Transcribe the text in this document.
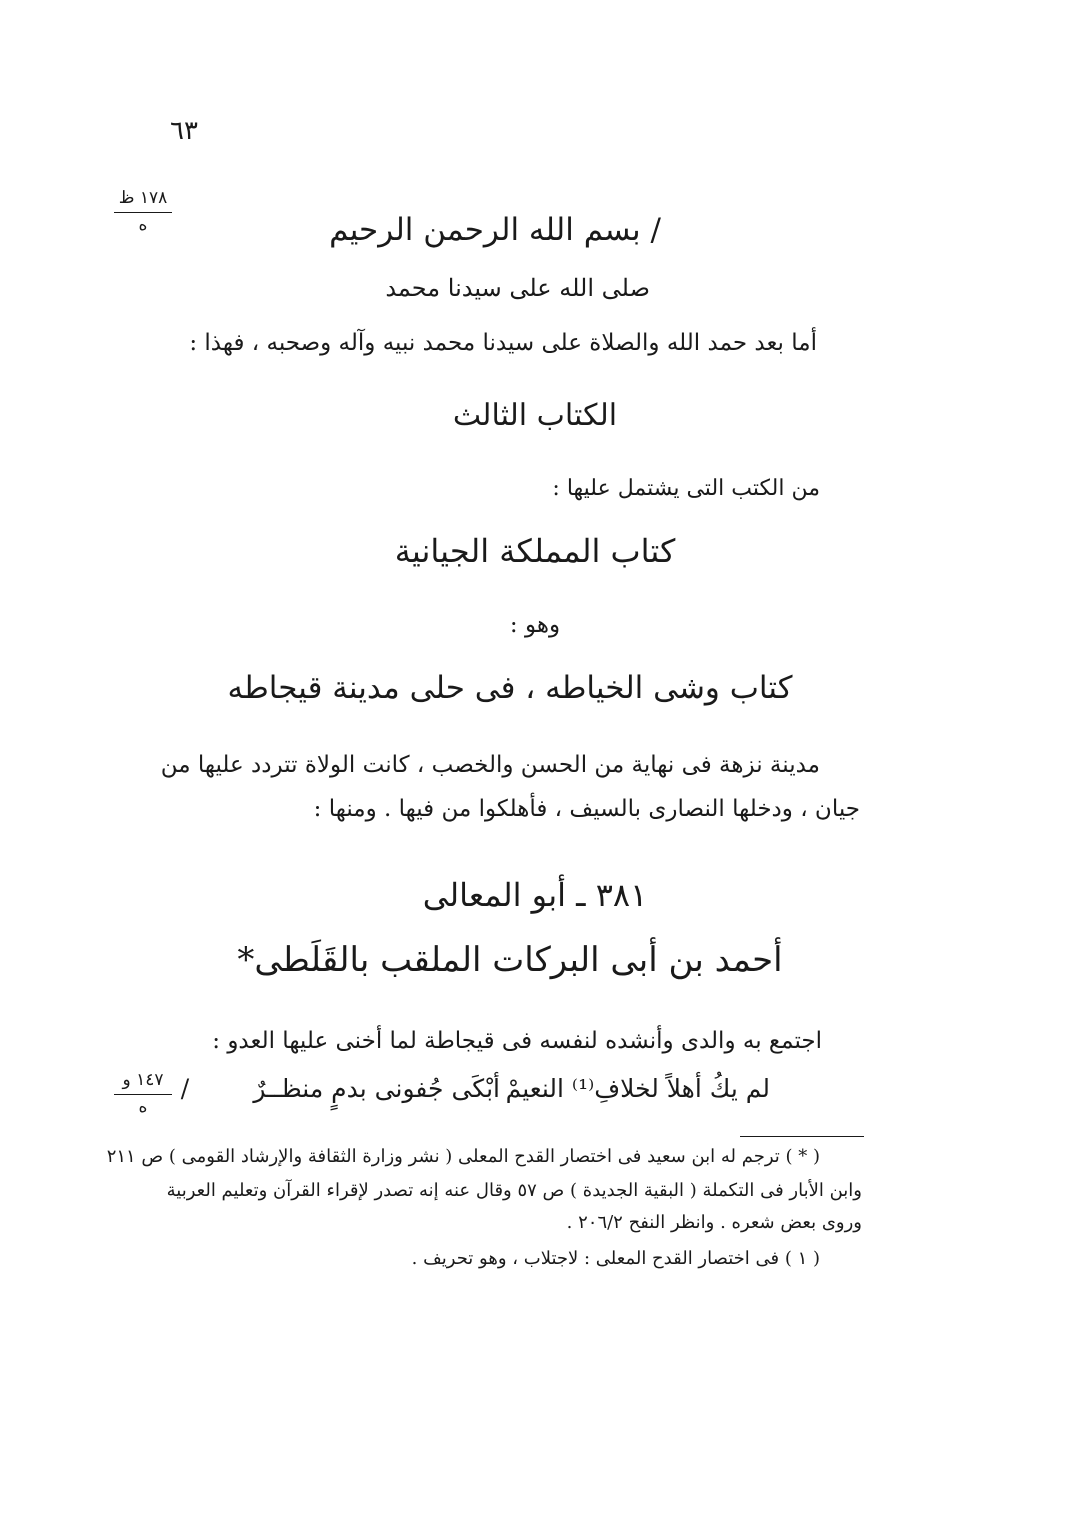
٦٣
١٧٨ ظ
ه	/ بسم الله الرحمن الرحيم
صلى الله على سيدنا محمد
أما بعد حمد الله والصلاة على سيدنا محمد نبيه وآله وصحبه ، فهذا :
الكتاب الثالث
من الكتب التى يشتمل عليها :
كتاب المملكة الجيانية
وهو :
كتاب وشى الخياطه ، فى حلى مدينة قيجاطه
مدينة نزهة فى نهاية من الحسن والخصب ، كانت الولاة تتردد عليها من
جيان ، ودخلها النصارى بالسيف ، فأهلكوا من فيها . ومنها :
٣٨١ ـ أبو المعالى
أحمد بن أبى البركات الملقب بالقَلَطى*
اجتمع به والدى وأنشده لنفسه فى قيجاطة لما أخنى عليها العدو :
/	أبْكَى جُفونى بدمٍ منظــرٌ لم يكُ أهلاً لخلافِ⁽¹⁾ النعيمْ
١٤٧ و
ه
( * ) ترجم له ابن سعيد فى اختصار القدح المعلى ( نشر وزارة الثقافة والإرشاد القومى ) ص ٢١١
وابن الأبار فى التكملة ( البقية الجديدة ) ص ٥٧ وقال عنه إنه تصدر لإقراء القرآن وتعليم العربية
وروى بعض شعره . وانظر النفح ٢٠٦/٢ .
( ١ ) فى اختصار القدح المعلى : لاجتلاب ، وهو تحريف .
